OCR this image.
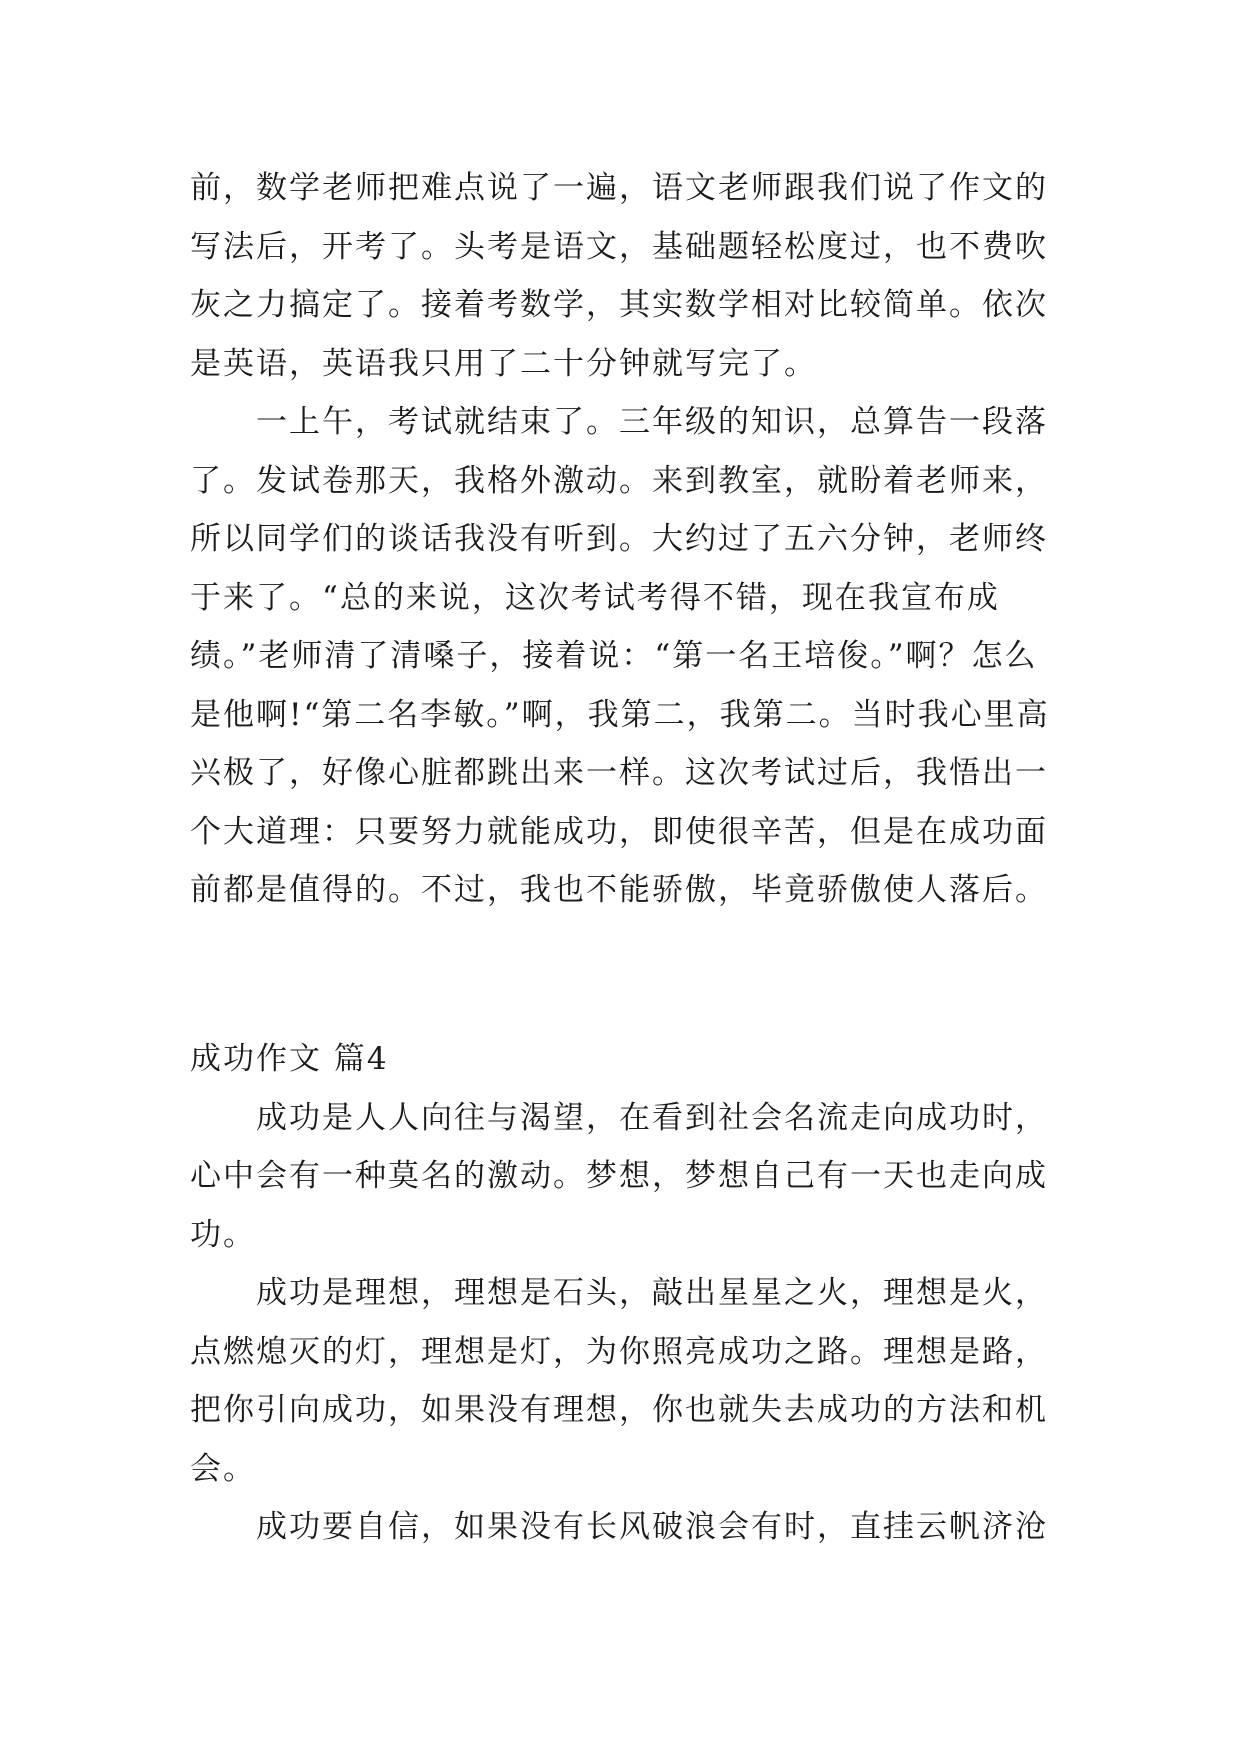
前，数学老师把难点说了一遍，语文老师跟我们说了作文的写法后，开考了。头考是语文，基础题轻松度过，也不费吹灰之力搞定了。接着考数学，其实数学相对比较简单。依次是英语，英语我只用了二十分钟就写完了。

一上午，考试就结束了。三年级的知识，总算告一段落了。发试卷那天，我格外激动。来到教室，就盼着老师来，所以同学们的谈话我没有听到。大约过了五六分钟，老师终于来了。“总的来说，这次考试考得不错，现在我宣布成绩。”老师清了清嗓子，接着说：“第一名王培俊。”啊？怎么是他啊!“第二名李敏。”啊，我第二，我第二。当时我心里高兴极了，好像心脏都跳出来一样。这次考试过后，我悟出一个大道理：只要努力就能成功，即使很辛苦，但是在成功面前都是值得的。不过，我也不能骄傲，毕竟骄傲使人落后。

成功作文 篇4

成功是人人向往与渴望，在看到社会名流走向成功时，心中会有一种莫名的激动。梦想，梦想自己有一天也走向成功。

成功是理想，理想是石头，敲出星星之火，理想是火，点燃熄灭的灯，理想是灯，为你照亮成功之路。理想是路，把你引向成功，如果没有理想，你也就失去成功的方法和机会。

成功要自信，如果没有长风破浪会有时，直挂云帆济沧
